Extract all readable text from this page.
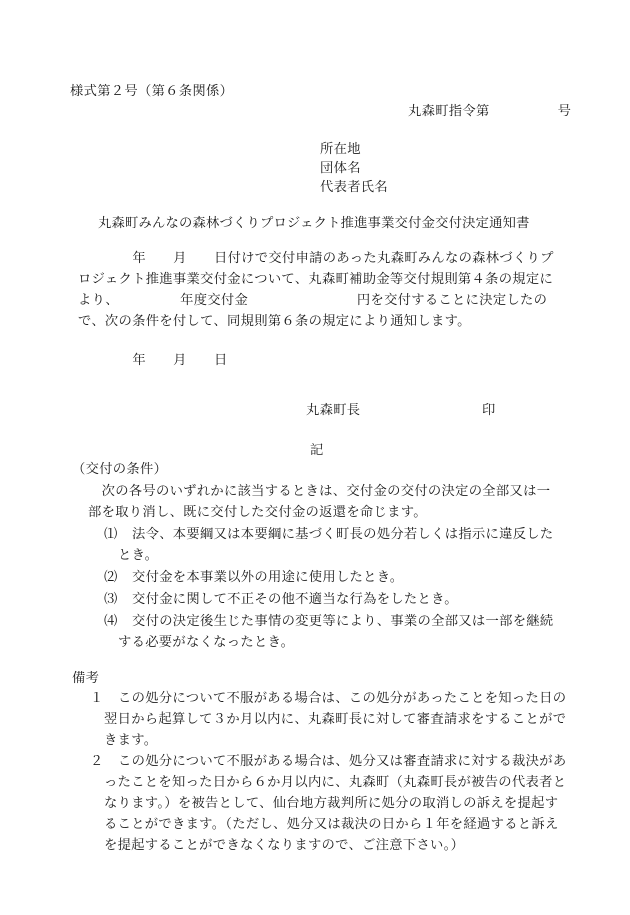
様式第２号（第６条関係）
丸森町指令第　　　　　号
所在地
団体名
代表者氏名
丸森町みんなの森林づくりプロジェクト推進事業交付金交付決定通知書
　　　　年　　月　　日付けで交付申請のあった丸森町みんなの森林づくりプ
ロジェクト推進事業交付金について、丸森町補助金等交付規則第４条の規定に
より、　　　　　年度交付金　　　　　　　　円を交付することに決定したの
で、次の条件を付して、同規則第６条の規定により通知します。
　　　　年　　月　　日
丸森町長	印
記
（交付の条件）
　次の各号のいずれかに該当するときは、交付金の交付の決定の全部又は一
部を取り消し、既に交付した交付金の返還を命じます。
⑴ 法令、本要綱又は本要綱に基づく町長の処分若しくは指示に違反した
とき。
⑵ 交付金を本事業以外の用途に使用したとき。
⑶ 交付金に関して不正その他不適当な行為をしたとき。
⑷ 交付の決定後生じた事情の変更等により、事業の全部又は一部を継続
する必要がなくなったとき。
備考
１ この処分について不服がある場合は、この処分があったことを知った日の
翌日から起算して３か月以内に、丸森町長に対して審査請求をすることがで
きます。
２ この処分について不服がある場合は、処分又は審査請求に対する裁決があ
ったことを知った日から６か月以内に、丸森町（丸森町長が被告の代表者と
なります。）を被告として、仙台地方裁判所に処分の取消しの訴えを提起す
ることができます。（ただし、処分又は裁決の日から１年を経過すると訴え
を提起することができなくなりますので、ご注意下さい。）
